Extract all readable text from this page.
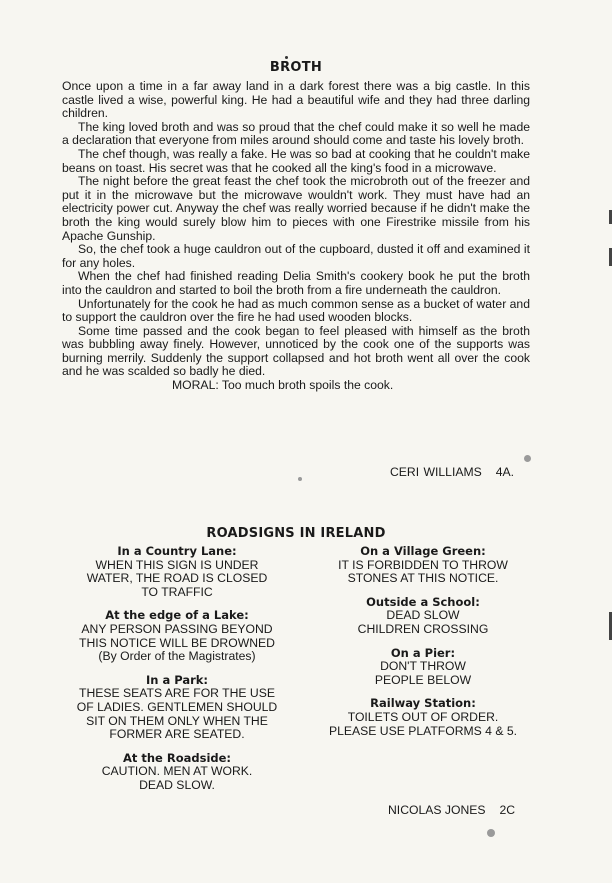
BROTH

Once upon a time in a far away land in a dark forest there was a big castle. In this castle lived a wise, powerful king. He had a beautiful wife and they had three darling children.

The king loved broth and was so proud that the chef could make it so well he made a declaration that everyone from miles around should come and taste his lovely broth.

The chef though, was really a fake. He was so bad at cooking that he couldn't make beans on toast. His secret was that he cooked all the king's food in a microwave.

The night before the great feast the chef took the microbroth out of the freezer and put it in the microwave but the microwave wouldn't work. They must have had an electricity power cut. Anyway the chef was really worried because if he didn't make the broth the king would surely blow him to pieces with one Firestrike missile from his Apache Gunship.

So, the chef took a huge cauldron out of the cupboard, dusted it off and examined it for any holes.

When the chef had finished reading Delia Smith's cookery book he put the broth into the cauldron and started to boil the broth from a fire underneath the cauldron.

Unfortunately for the cook he had as much common sense as a bucket of water and to support the cauldron over the fire he had used wooden blocks.

Some time passed and the cook began to feel pleased with himself as the broth was bubbling away finely. However, unnoticed by the cook one of the supports was burning merrily. Suddenly the support collapsed and hot broth went all over the cook and he was scalded so badly he died.

MORAL: Too much broth spoils the cook.

CERI WILLIAMS 4A.
ROADSIGNS IN IRELAND
In a Country Lane:
WHEN THIS SIGN IS UNDER
WATER, THE ROAD IS CLOSED
TO TRAFFIC
At the edge of a Lake:
ANY PERSON PASSING BEYOND
THIS NOTICE WILL BE DROWNED
(By Order of the Magistrates)
In a Park:
THESE SEATS ARE FOR THE USE
OF LADIES. GENTLEMEN SHOULD
SIT ON THEM ONLY WHEN THE
FORMER ARE SEATED.
At the Roadside:
CAUTION. MEN AT WORK.
DEAD SLOW.
On a Village Green:
IT IS FORBIDDEN TO THROW
STONES AT THIS NOTICE.
Outside a School:
DEAD SLOW
CHILDREN CROSSING
On a Pier:
DON'T THROW
PEOPLE BELOW
Railway Station:
TOILETS OUT OF ORDER.
PLEASE USE PLATFORMS 4 & 5.
NICOLAS JONES 2C
